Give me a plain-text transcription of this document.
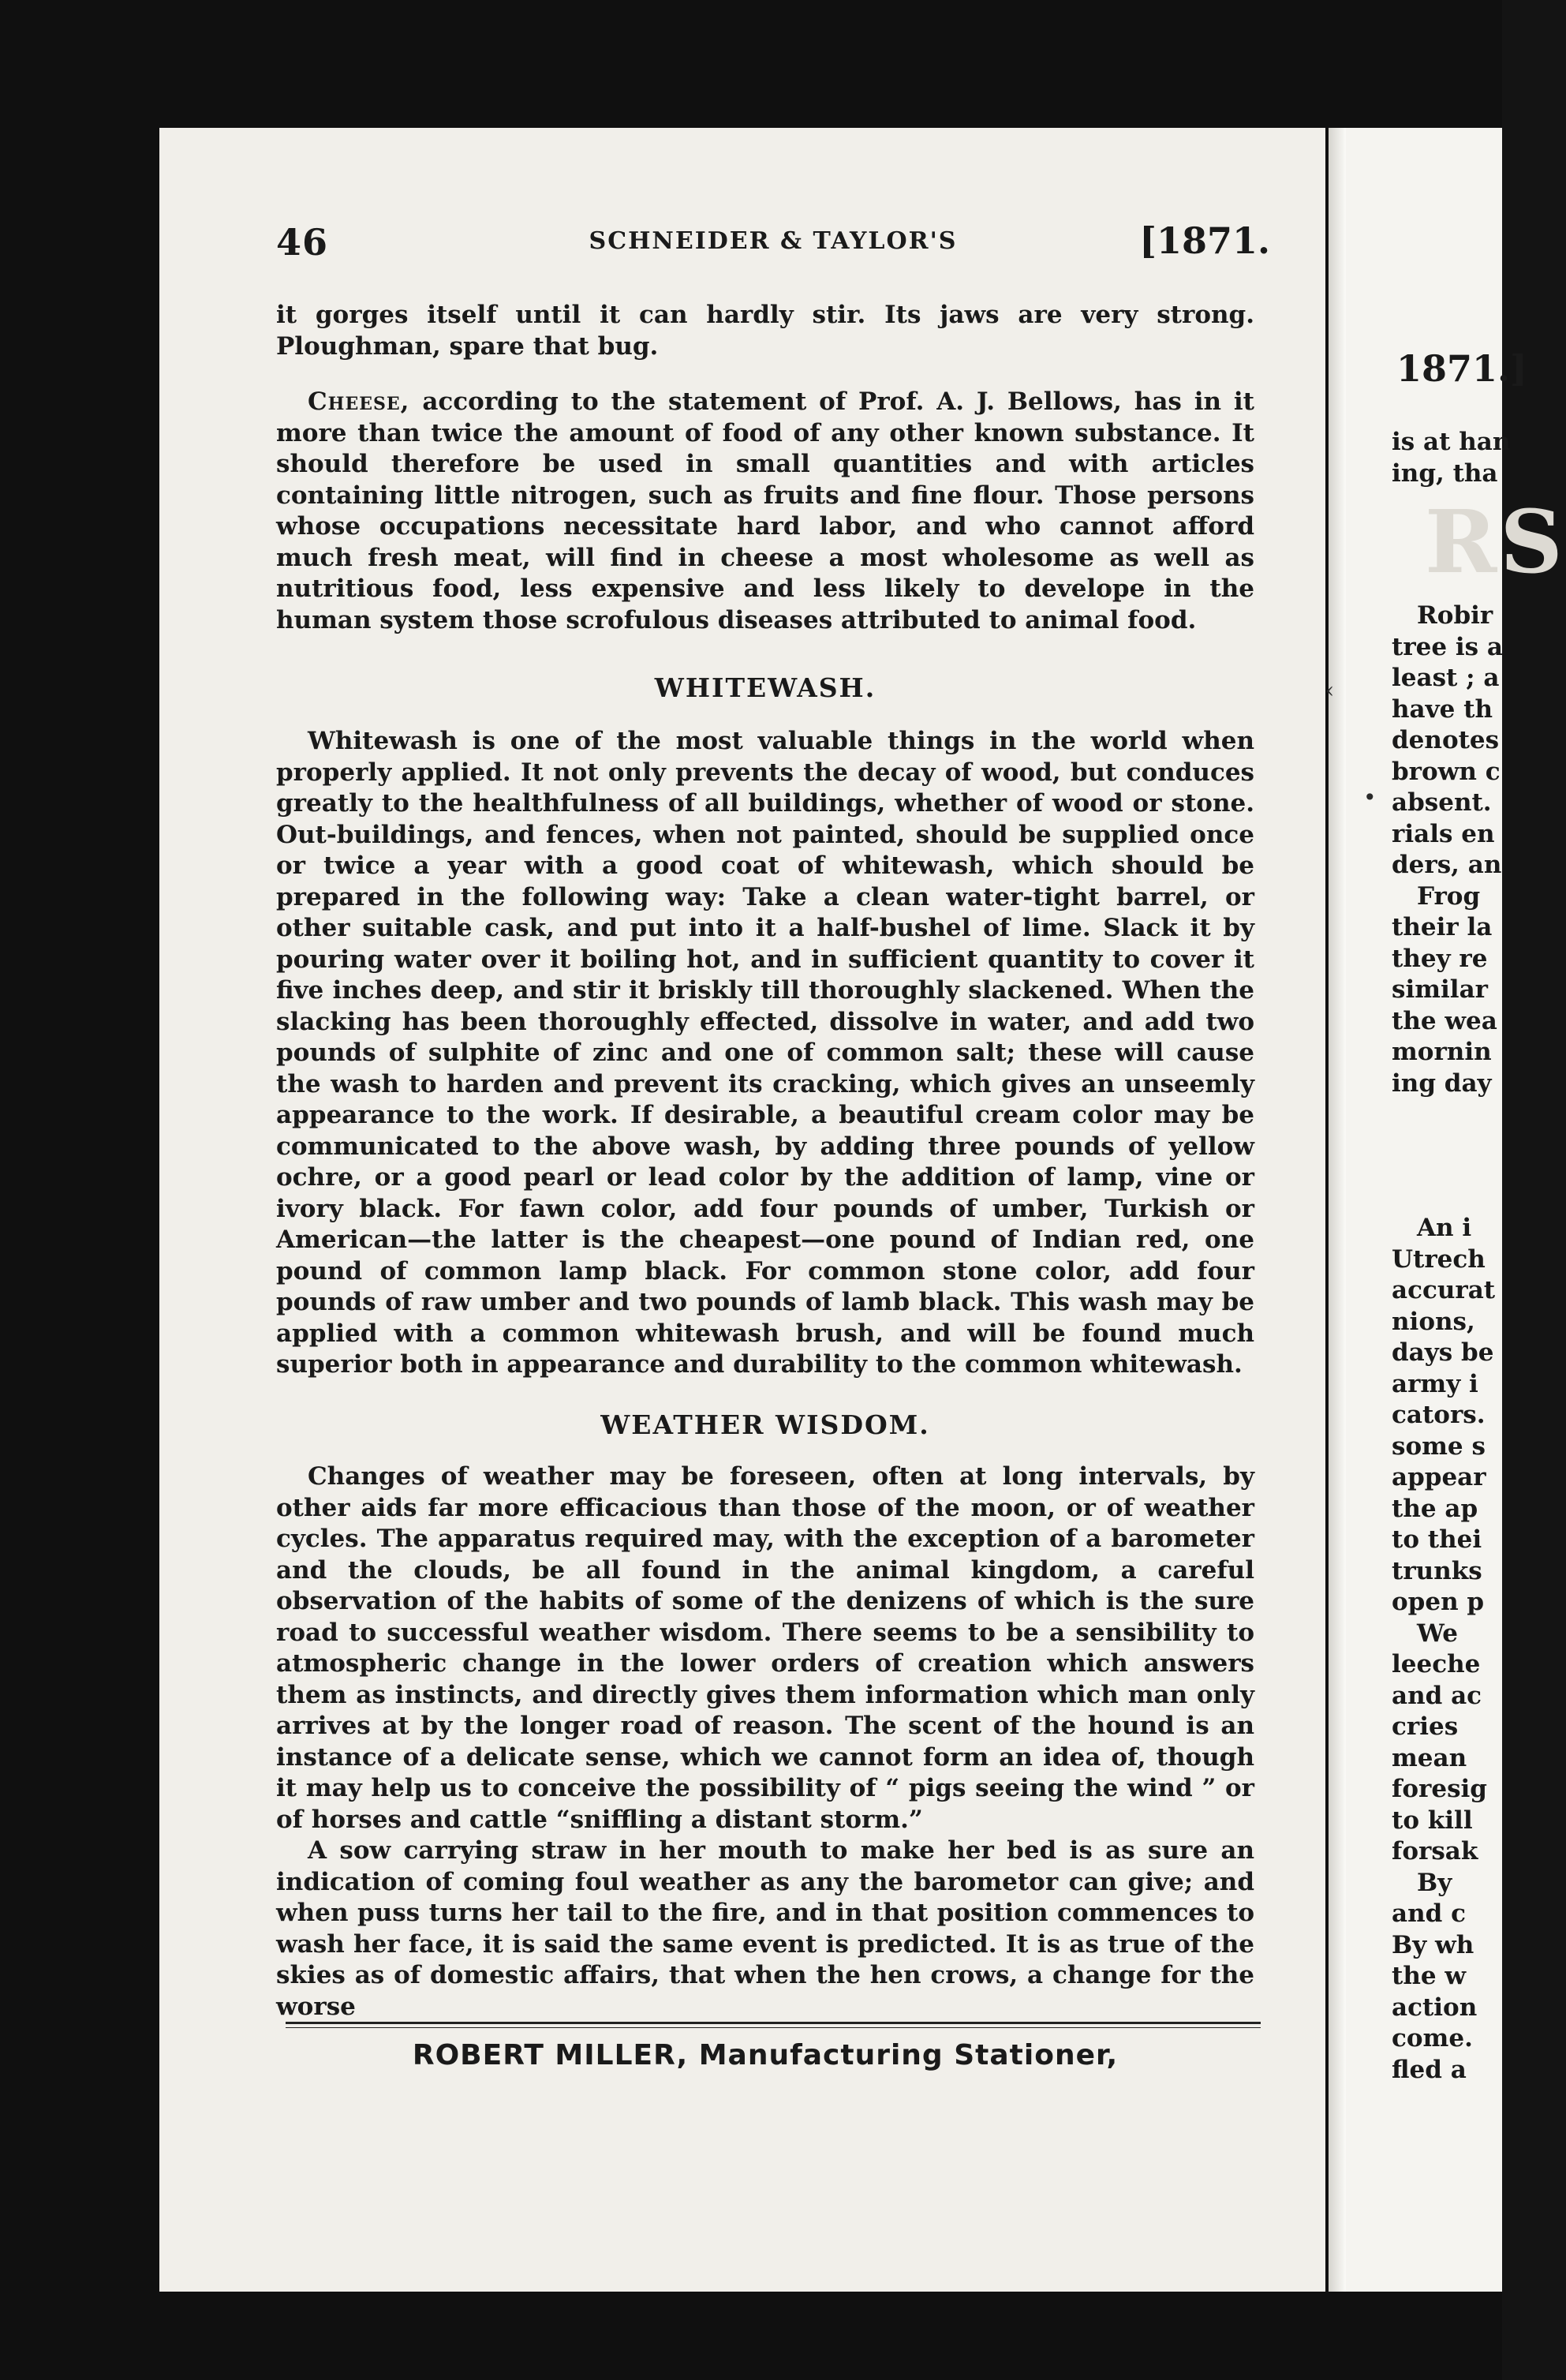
46	SCHNEIDER & TAYLOR'S	[1871.

it gorges itself until it can hardly stir. Its jaws are very strong.

Ploughman, spare that bug.

Cheese, according to the statement of Prof. A. J. Bellows, has in it more than twice the amount of food of any other known substance. It should therefore be used in small quantities and with articles containing little nitrogen, such as fruits and fine flour. Those persons whose occupations necessitate hard labor, and who cannot afford much fresh meat, will find in cheese a most wholesome as well as nutritious food, less expensive and less likely to develope in the human system those scrofulous diseases attributed to animal food.

WHITEWASH.

Whitewash is one of the most valuable things in the world when properly applied. It not only prevents the decay of wood, but conduces greatly to the healthfulness of all buildings, whether of wood or stone. Out-buildings, and fences, when not painted, should be supplied once or twice a year with a good coat of whitewash, which should be prepared in the following way: Take a clean water-tight barrel, or other suitable cask, and put into it a half-bushel of lime. Slack it by pouring water over it boiling hot, and in sufficient quantity to cover it five inches deep, and stir it briskly till thoroughly slackened. When the slacking has been thoroughly effected, dissolve in water, and add two pounds of sulphite of zinc and one of common salt; these will cause the wash to harden and prevent its cracking, which gives an unseemly appearance to the work. If desirable, a beautiful cream color may be communicated to the above wash, by adding three pounds of yellow ochre, or a good pearl or lead color by the addition of lamp, vine or ivory black. For fawn color, add four pounds of umber, Turkish or American—the latter is the cheapest—one pound of Indian red, one pound of common lamp black. For common stone color, add four pounds of raw umber and two pounds of lamb black. This wash may be applied with a common whitewash brush, and will be found much superior both in appearance and durability to the common whitewash.

WEATHER WISDOM.

Changes of weather may be foreseen, often at long intervals, by other aids far more efficacious than those of the moon, or of weather cycles. The apparatus required may, with the exception of a barometer and the clouds, be all found in the animal kingdom, a careful observation of the habits of some of the denizens of which is the sure road to successful weather wisdom. There seems to be a sensibility to atmospheric change in the lower orders of creation which answers them as instincts, and directly gives them information which man only arrives at by the longer road of reason. The scent of the hound is an instance of a delicate sense, which we cannot form an idea of, though it may help us to conceive the possibility of “ pigs seeing the wind ” or of horses and cattle “sniffling a distant storm.”

A sow carrying straw in her mouth to make her bed is as sure an indication of coming foul weather as any the barometor can give; and when puss turns her tail to the fire, and in that position commences to wash her face, it is said the same event is predicted. It is as true of the skies as of domestic affairs, that when the hen crows, a change for the worse

ROBERT MILLER, Manufacturing Stationer,
RS
1871.]
is at han
ing, tha
Robir
tree is a
least ; a
have th
denotes
brown c
absent.
rials en
ders, an
Frog
their la
they re
similar
the wea
mornin
ing day
An i
Utrech
accurat
nions,
days be
army i
cators.
some s
appear
the ap
to thei
trunks
open p
We
leeche
and ac
cries
mean
foresig
to kill
forsak
By
and c
By wh
the w
action
come.
fled a
‹
•
